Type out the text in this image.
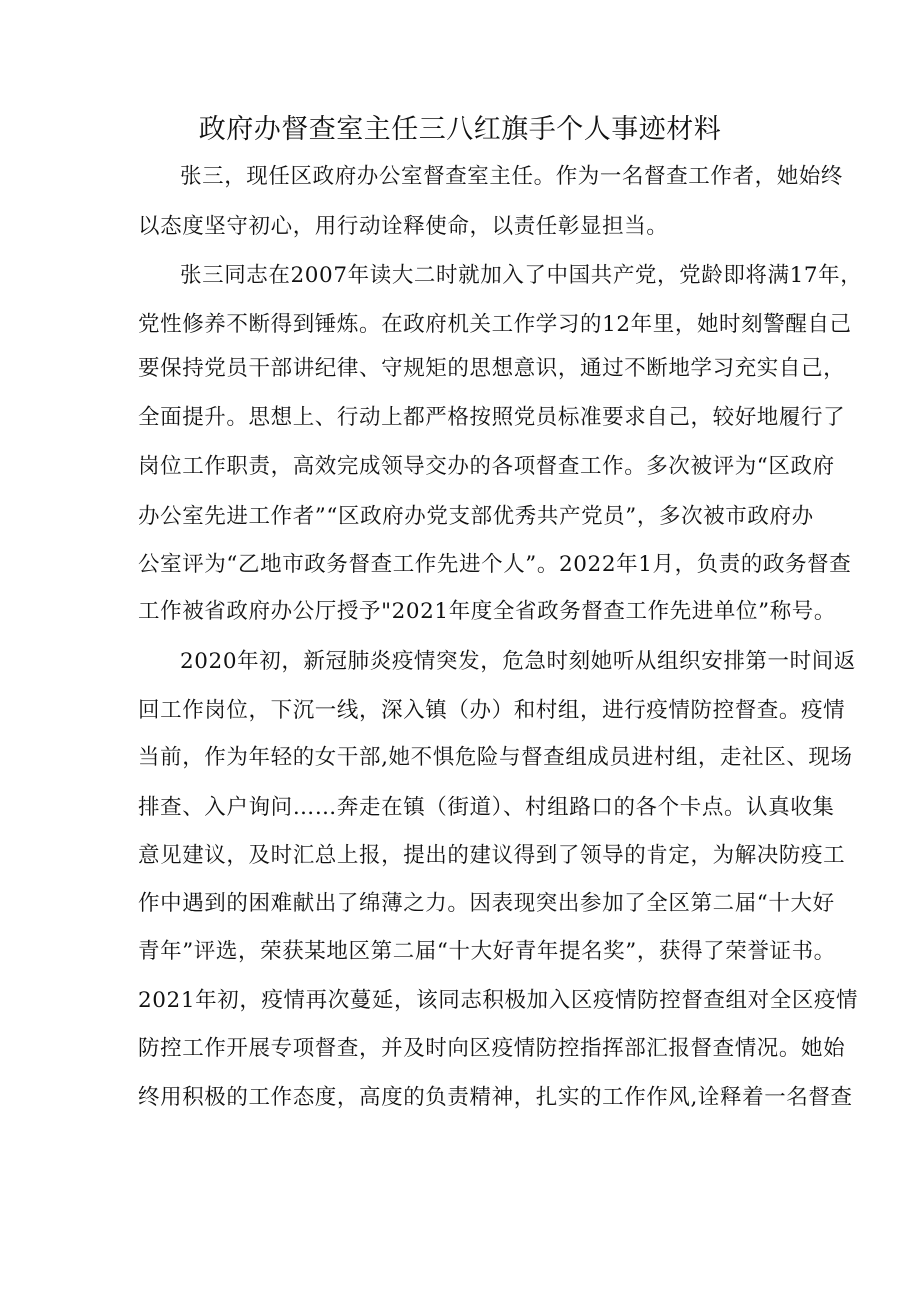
政府办督查室主任三八红旗手个人事迹材料
张三，现任区政府办公室督查室主任。作为一名督查工作者，她始终
以态度坚守初心，用行动诠释使命，以责任彰显担当。
张三同志在2007年读大二时就加入了中国共产党，党龄即将满17年，
党性修养不断得到锤炼。在政府机关工作学习的12年里，她时刻警醒自己
要保持党员干部讲纪律、守规矩的思想意识，通过不断地学习充实自己，
全面提升。思想上、行动上都严格按照党员标准要求自己，较好地履行了
岗位工作职责，高效完成领导交办的各项督查工作。多次被评为“区政府
办公室先进工作者”“区政府办党支部优秀共产党员”，多次被市政府办
公室评为“乙地市政务督查工作先进个人”。2022年1月，负责的政务督查
工作被省政府办公厅授予"2021年度全省政务督查工作先进单位”称号。
2020年初，新冠肺炎疫情突发，危急时刻她听从组织安排第一时间返
回工作岗位，下沉一线，深入镇（办）和村组，进行疫情防控督查。疫情
当前，作为年轻的女干部,她不惧危险与督查组成员进村组，走社区、现场
排查、入户询问……奔走在镇（街道）、村组路口的各个卡点。认真收集
意见建议，及时汇总上报，提出的建议得到了领导的肯定，为解决防疫工
作中遇到的困难献出了绵薄之力。因表现突出参加了全区第二届“十大好
青年”评选，荣获某地区第二届“十大好青年提名奖”，获得了荣誉证书。
2021年初，疫情再次蔓延，该同志积极加入区疫情防控督查组对全区疫情
防控工作开展专项督查，并及时向区疫情防控指挥部汇报督查情况。她始
终用积极的工作态度，高度的负责精神，扎实的工作作风,诠释着一名督查
